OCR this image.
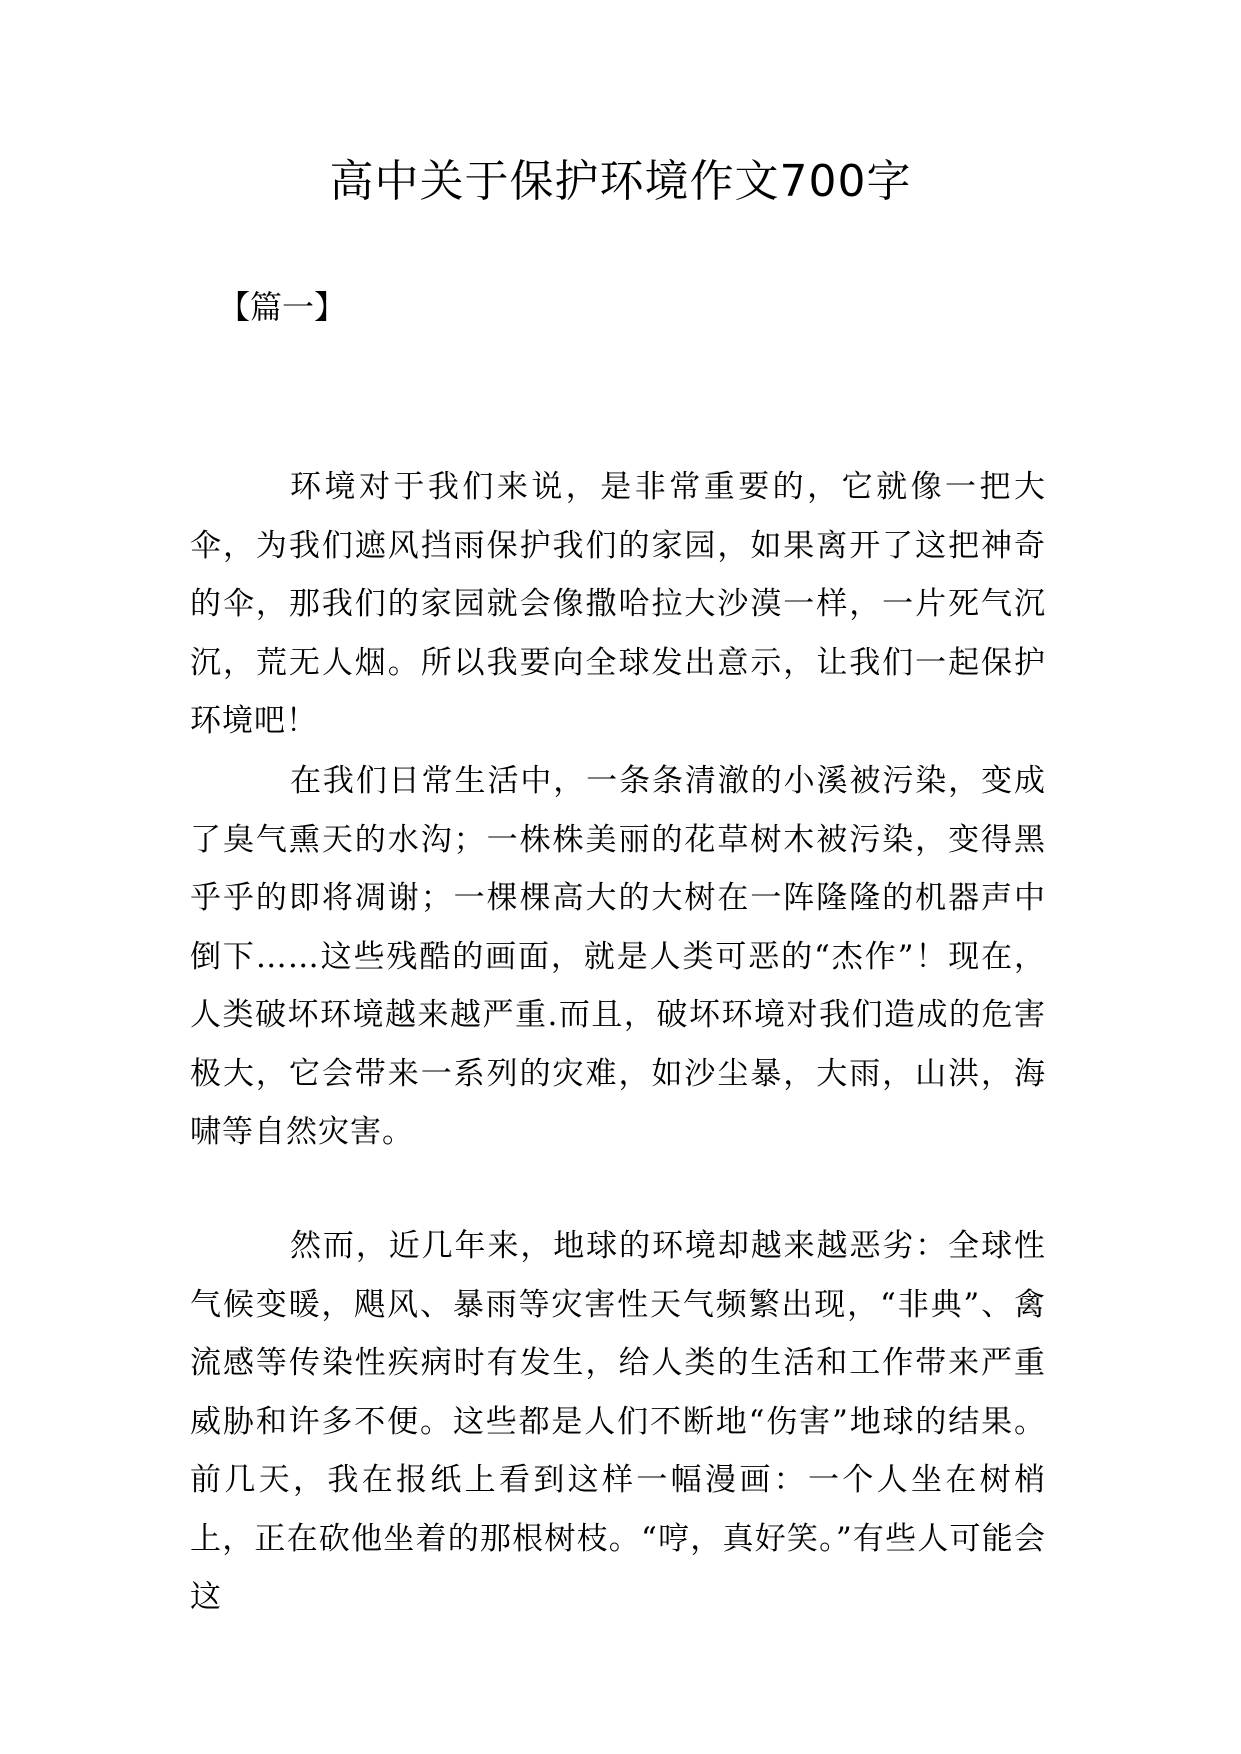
高中关于保护环境作文700字

【篇一】

环境对于我们来说，是非常重要的，它就像一把大伞，为我们遮风挡雨保护我们的家园，如果离开了这把神奇的伞，那我们的家园就会像撒哈拉大沙漠一样，一片死气沉沉，荒无人烟。所以我要向全球发出意示，让我们一起保护环境吧！

在我们日常生活中，一条条清澈的小溪被污染，变成了臭气熏天的水沟；一株株美丽的花草树木被污染，变得黑乎乎的即将凋谢；一棵棵高大的大树在一阵隆隆的机器声中倒下……这些残酷的画面，就是人类可恶的“杰作”！现在，人类破坏环境越来越严重.而且，破坏环境对我们造成的危害极大，它会带来一系列的灾难，如沙尘暴，大雨，山洪，海啸等自然灾害。

然而，近几年来，地球的环境却越来越恶劣：全球性气候变暖，飓风、暴雨等灾害性天气频繁出现，“非典”、禽流感等传染性疾病时有发生，给人类的生活和工作带来严重威胁和许多不便。这些都是人们不断地“伤害”地球的结果。前几天，我在报纸上看到这样一幅漫画：一个人坐在树梢上，正在砍他坐着的那根树枝。“哼，真好笑。”有些人可能会这
